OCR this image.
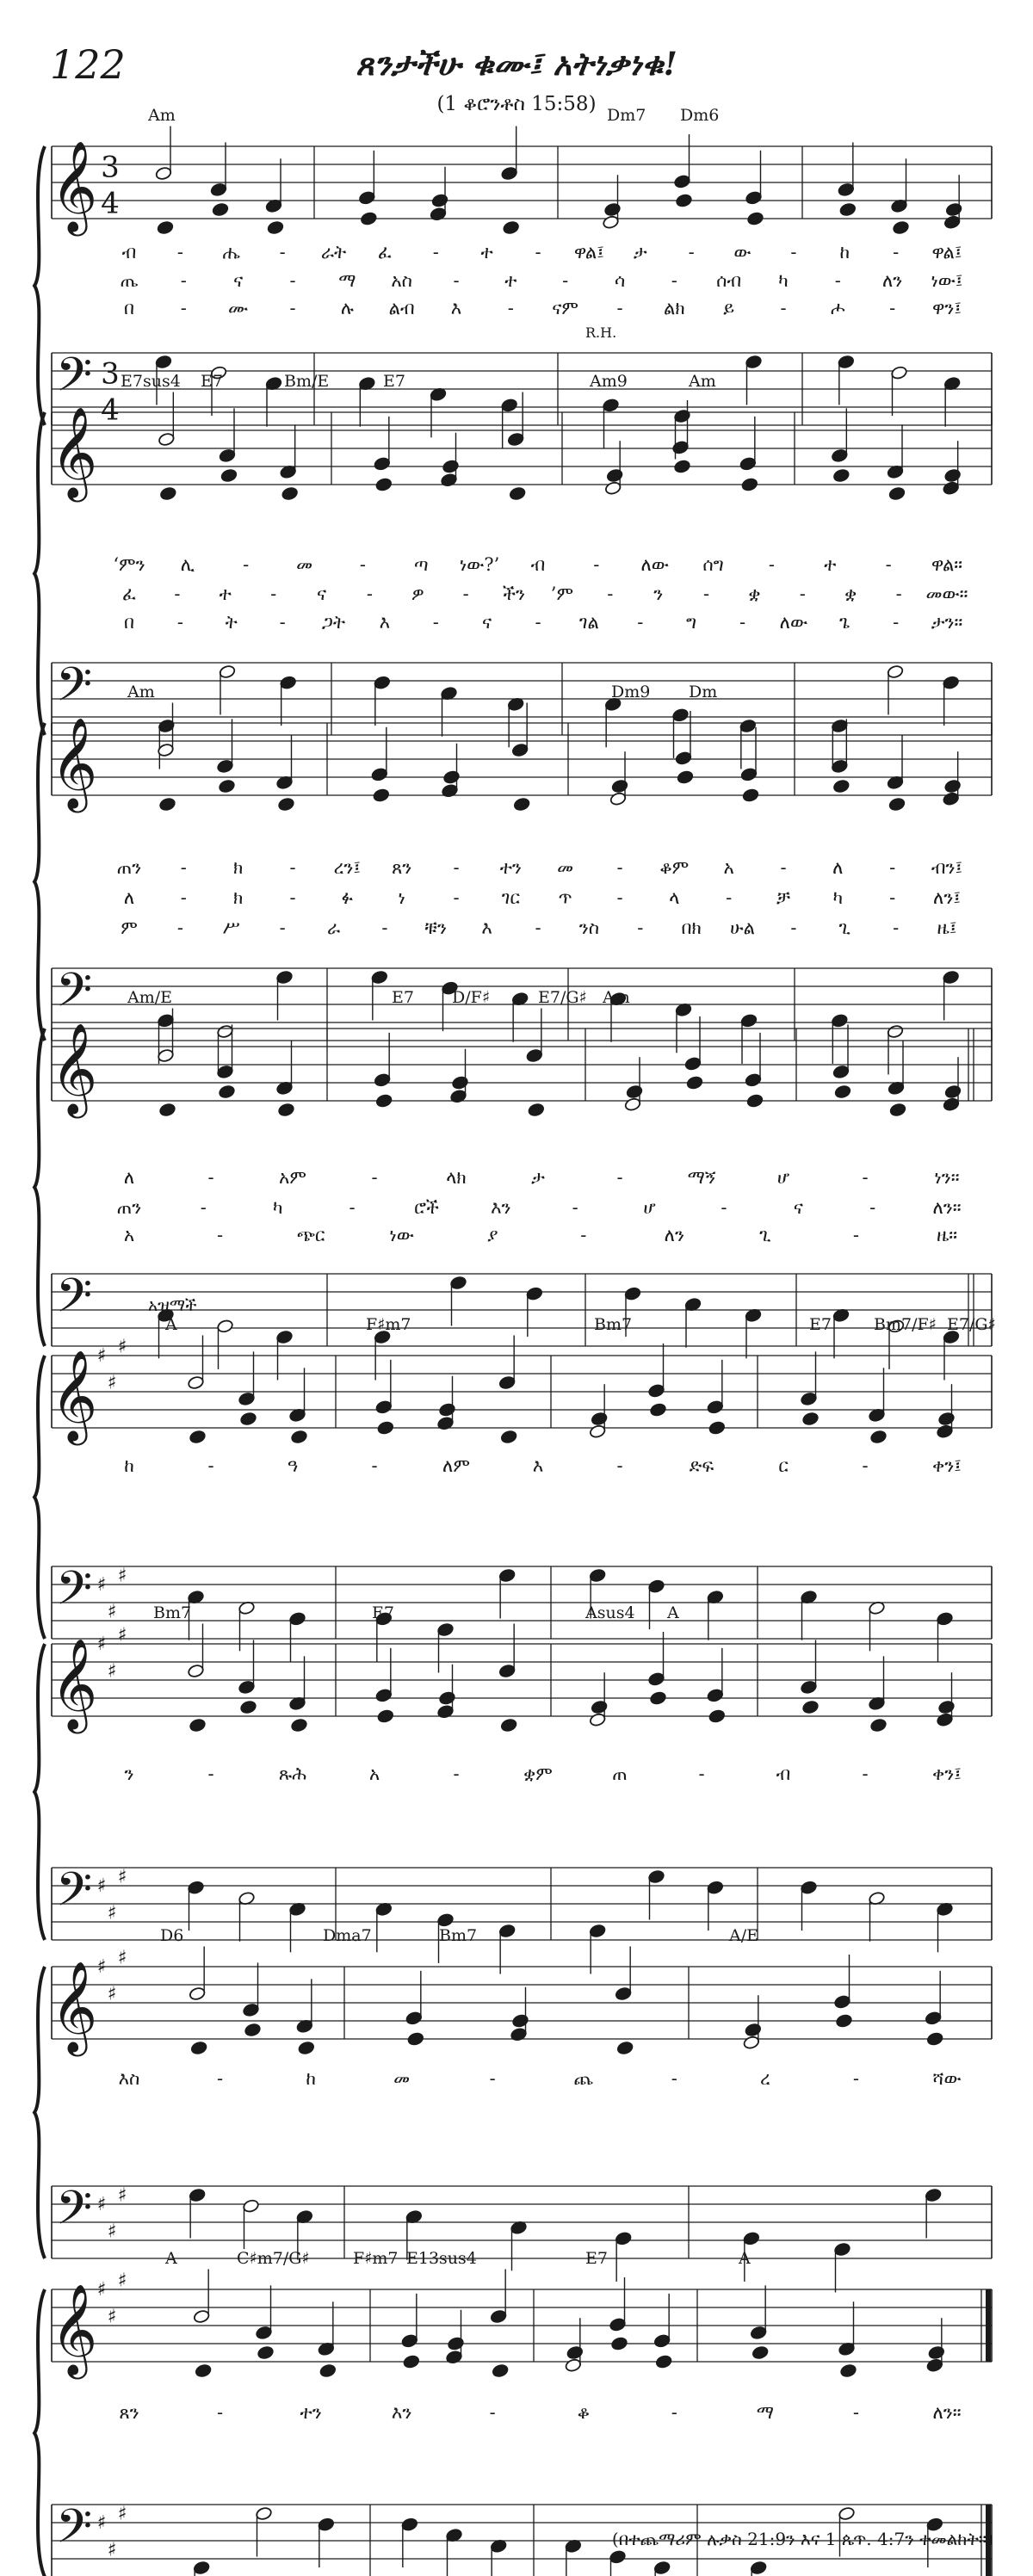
122	ጸንታችሁ ቁሙ፤ አትነቃነቁ!
(1 ቆሮንቶስ 15:58)
𝄞
𝄢
3
4
3
4
Am	Dm7 Dm6
R.H.
ብ - ሔ - ራት ፈ - ተ - ዋል፤ ታ - ው - ከ - ዋል፤
ጤ -	ና	- ማ አስ -	ተ	-	ሳ	- ሰብ ካ	- ለን ነው፤
በ	- ሙ - ሉ ልብ እ	- ናም - ልክ ይ	- ሖ - ዋን፤
𝄞
𝄢
E7sus4 E7	Bm/E	E7	Am9	Am
‘ምን ሊ	-	መ	-	ጣ ነው?’ ብ	- ለው ሰግ -	ተ	- ዋል።
ፈ - ተ - ና - ዎ - ችን ’ም - ን - ቋ - ቋ - መው።
በ - ት - ጋት እ - ና - ገል - ግ - ለው ጌ - ታን።
𝄞
𝄢
Am	Dm9 Dm
ጠን -	ክ	- ረን፤ ጸን - ተን መ - ቆም አ	-	ለ	- ብን፤
ለ	-	ክ	-	ፉ ነ	- ገር ጥ -	ላ	- ቻ ካ	- ለን፤
ም - ሥ - ራ - ቹን እ - ንስ - በክ ሁል - ጊ - ዜ፤
𝄞
𝄢
Am/E	E7 D/F♯	E7/G♯ Am
ለ	-	አም	-	ላክ	ታ	-	ማኝ	ሆ	-	ነን።
ጠን	-	ካ	-	ሮች	እን	-	ሆ	-	ና	-	ለን።
አ	-	ጭር	ነው	ያ	-	ለን	ጊ	-	ዜ።
𝄞
𝄢
♯
♯
♯
♯
♯
♯
A	F♯m7	Bm7	E7	Bm7/F♯ E7/G♯
አዝማች
ከ	-	ዓ	-	ለም	እ	-	ድፍ	ር	-	ቀን፤
𝄞
𝄢
♯
♯
♯
♯
♯
♯
Bm7	E7	Asus4 A
ን	-	ጹሕ	አ	-	ቋም	ጠ	-	ብ	-	ቀን፤
𝄞
𝄢
♯
♯
♯
♯
♯
♯
D6	Dma7	Bm7	A/E
እስ	-	ከ	መ	-	ጨ	-	ረ	-	ሻው
𝄞
𝄢
♯
♯
♯
♯
♯
♯
A	C♯m7/G♯	F♯m7 E13sus4	E7	A
ጸን	-	ተን	እን	-	ቆ	-	ማ	-	ለን።
(በተጨማሪም ሉቃስ 21:9ን እና 1 ጴጥ. 4:7ን ተመልከት።)
